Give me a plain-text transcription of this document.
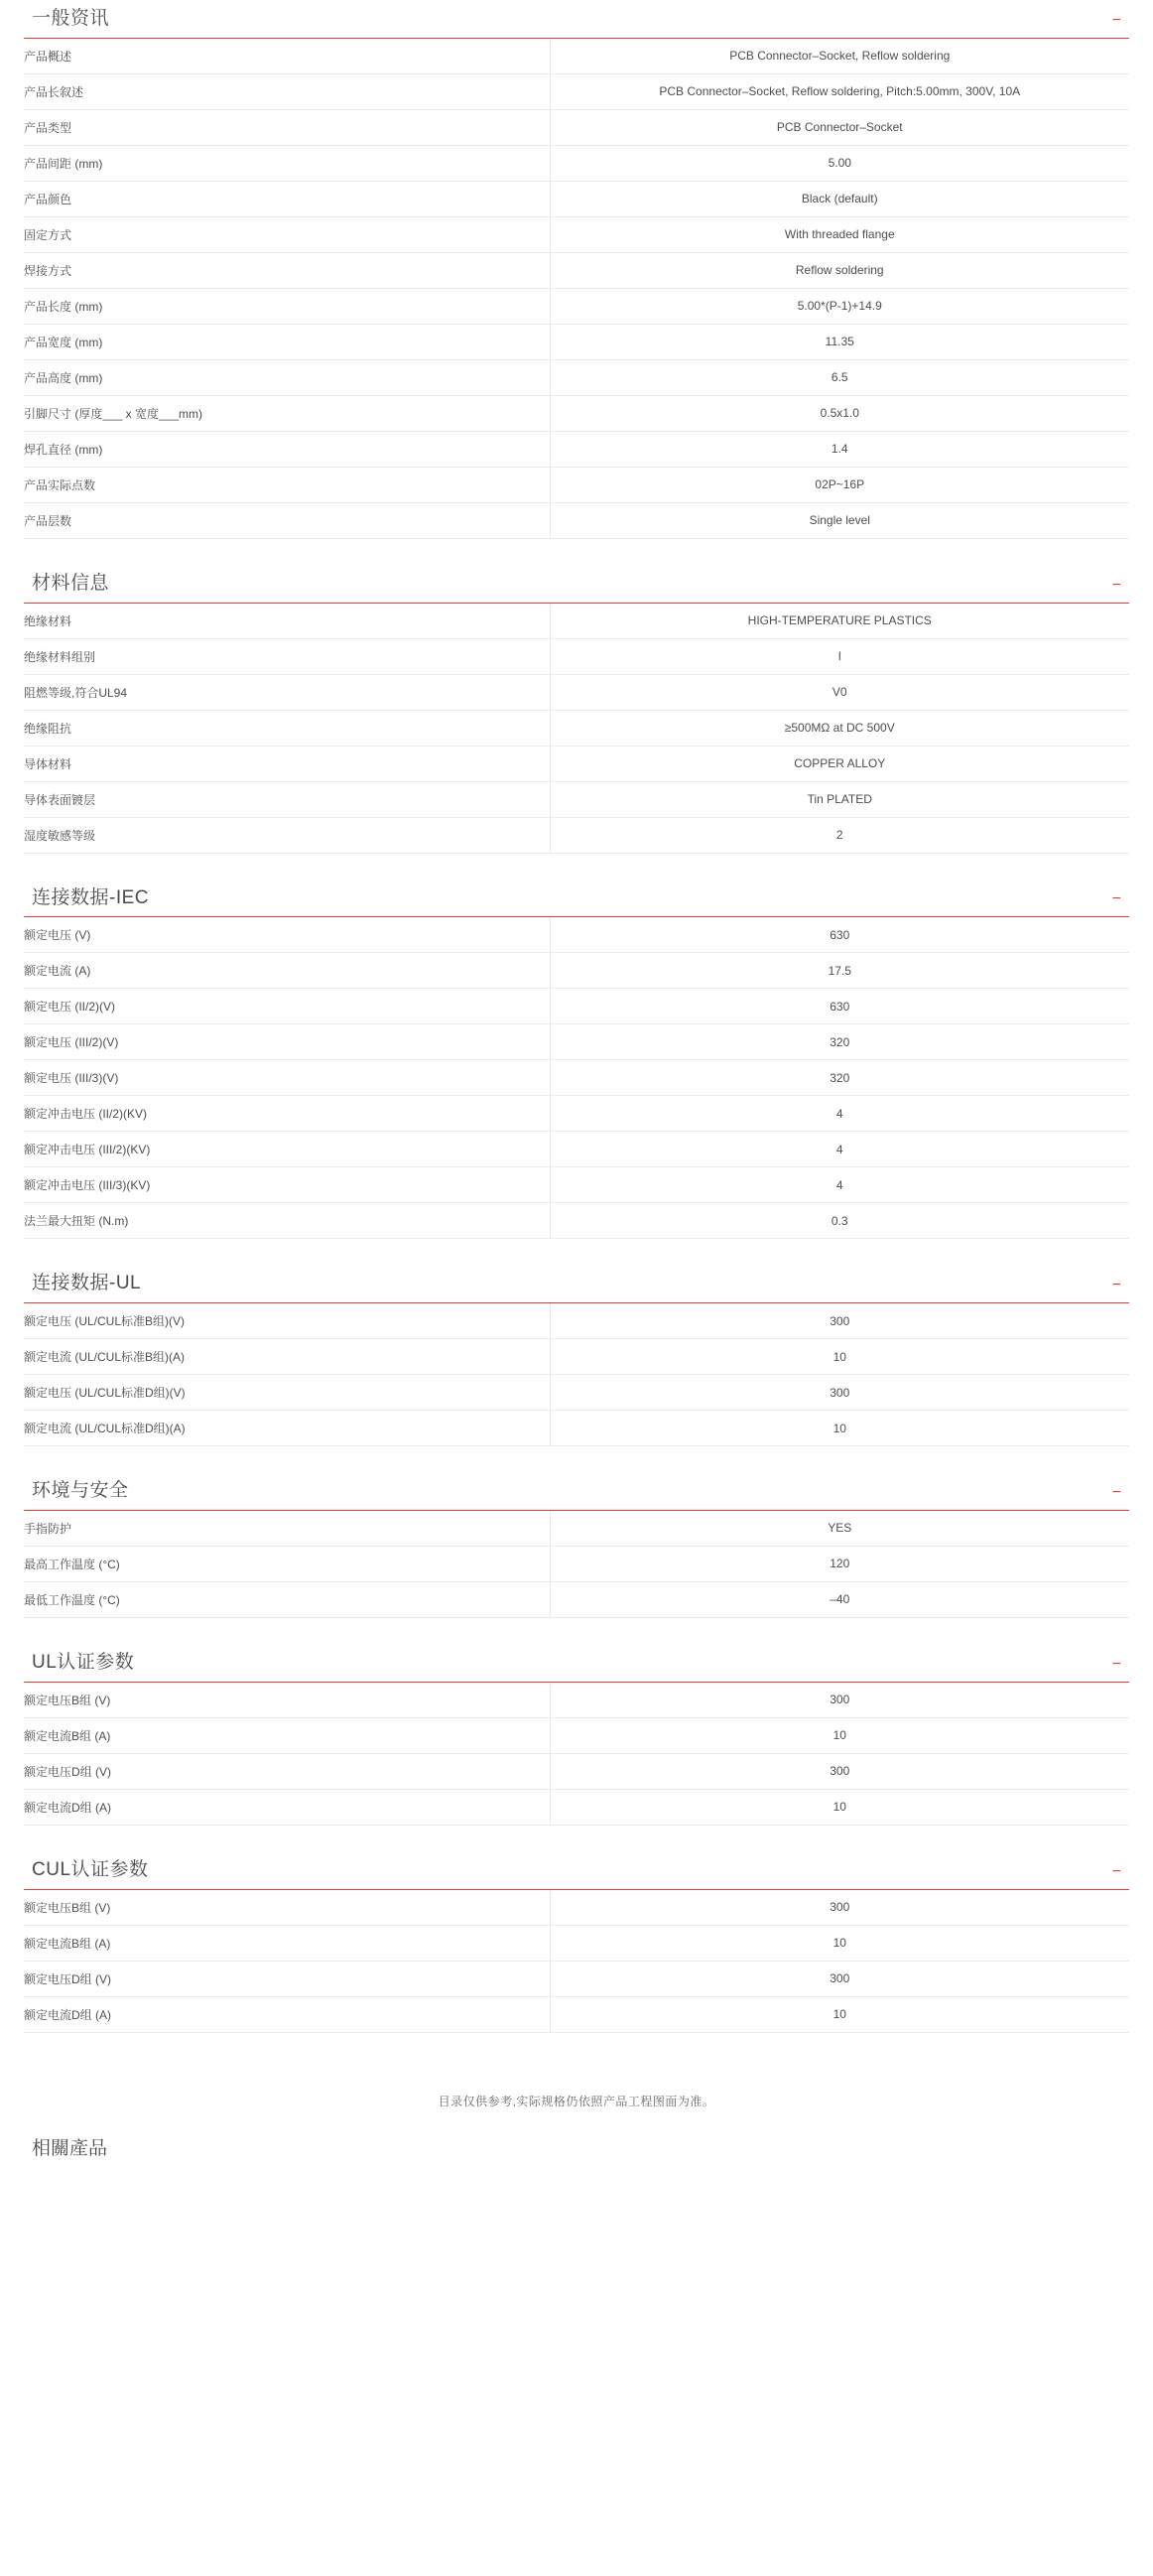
一般资讯	−
产品概述	PCB Connector–Socket, Reflow soldering
产品长叙述	PCB Connector–Socket, Reflow soldering, Pitch:5.00mm, 300V, 10A
产品类型	PCB Connector–Socket
产品间距 (mm)	5.00
产品颜色	Black (default)
固定方式	With threaded flange
焊接方式	Reflow soldering
产品长度 (mm)	5.00*(P-1)+14.9
产品宽度 (mm)	11.35
产品高度 (mm)	6.5
引脚尺寸 (厚度___ x 宽度___mm)	0.5x1.0
焊孔直径 (mm)	1.4
产品实际点数	02P~16P
产品层数	Single level
材料信息	−
绝缘材料	HIGH-TEMPERATURE PLASTICS
绝缘材料组别	I
阻燃等级,符合UL94	V0
绝缘阻抗	≥500MΩ at DC 500V
导体材料	COPPER ALLOY
导体表面镀层	Tin PLATED
湿度敏感等级	2
连接数据-IEC	−
额定电压 (V)	630
额定电流 (A)	17.5
额定电压 (II/2)(V)	630
额定电压 (III/2)(V)	320
额定电压 (III/3)(V)	320
额定冲击电压 (II/2)(KV)	4
额定冲击电压 (III/2)(KV)	4
额定冲击电压 (III/3)(KV)	4
法兰最大扭矩 (N.m)	0.3
连接数据-UL	−
额定电压 (UL/CUL标准B组)(V)	300
额定电流 (UL/CUL标准B组)(A)	10
额定电压 (UL/CUL标准D组)(V)	300
额定电流 (UL/CUL标准D组)(A)	10
环境与安全	−
手指防护	YES
最高工作温度 (°C)	120
最低工作温度 (°C)	–40
UL认证参数	−
额定电压B组 (V)	300
额定电流B组 (A)	10
额定电压D组 (V)	300
额定电流D组 (A)	10
CUL认证参数	−
额定电压B组 (V)	300
额定电流B组 (A)	10
额定电压D组 (V)	300
额定电流D组 (A)	10
目录仅供参考,实际规格仍依照产品工程图面为准。
相關產品
